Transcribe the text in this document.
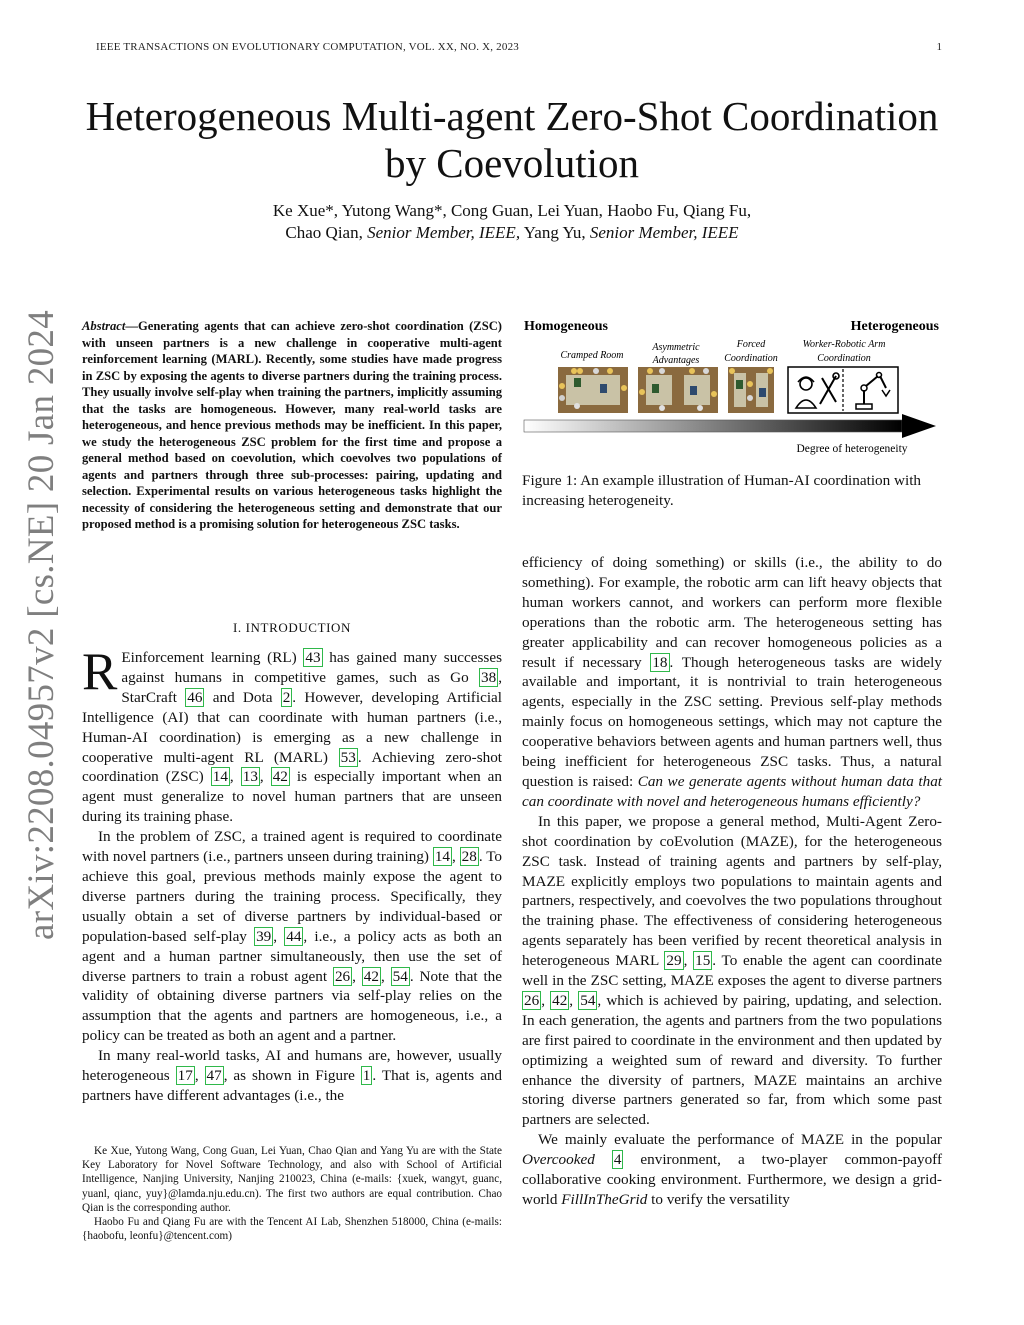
IEEE TRANSACTIONS ON EVOLUTIONARY COMPUTATION, VOL. XX, NO. X, 2023	1
arXiv:2208.04957v2 [cs.NE] 20 Jan 2024
Heterogeneous Multi-agent Zero-Shot Coordination
by Coevolution
Ke Xue*, Yutong Wang*, Cong Guan, Lei Yuan, Haobo Fu, Qiang Fu,
Chao Qian, Senior Member, IEEE, Yang Yu, Senior Member, IEEE
Abstract—Generating agents that can achieve zero-shot coordination (ZSC) with unseen partners is a new challenge in cooperative multi-agent reinforcement learning (MARL). Recently, some studies have made progress in ZSC by exposing the agents to diverse partners during the training process. They usually involve self-play when training the partners, implicitly assuming that the tasks are homogeneous. However, many real-world tasks are heterogeneous, and hence previous methods may be inefficient. In this paper, we study the heterogeneous ZSC problem for the first time and propose a general method based on coevolution, which coevolves two populations of agents and partners through three sub-processes: pairing, updating and selection. Experimental results on various heterogeneous tasks highlight the necessity of considering the heterogeneous setting and demonstrate that our proposed method is a promising solution for heterogeneous ZSC tasks.
I. INTRODUCTION

R Einforcement learning (RL) 43 has gained many successes against humans in competitive games, such as Go 38 , StarCraft 46 and Dota 2 . However, developing Artificial Intelligence (AI) that can coordinate with human partners (i.e., Human-AI coordination) is emerging as a new challenge in cooperative multi-agent RL (MARL) 53 . Achieving zero-shot coordination (ZSC) 14 , 13 , 42 is especially important when an agent must generalize to novel human partners that are unseen during its training phase.

In the problem of ZSC, a trained agent is required to coordinate with novel partners (i.e., partners unseen during training) 14 , 28 . To achieve this goal, previous methods mainly expose the agent to diverse partners during the training process. Specifically, they usually obtain a set of diverse partners by individual-based or population-based self-play 39 , 44 , i.e., a policy acts as both an agent and a human partner simultaneously, then use the set of diverse partners to train a robust agent 26 , 42 , 54 . Note that the validity of obtaining diverse partners via self-play relies on the assumption that the agents and partners are homogeneous, i.e., a policy can be treated as both an agent and a partner.

In many real-world tasks, AI and humans are, however, usually heterogeneous 17 , 47 , as shown in Figure 1 . That is, agents and partners have different advantages (i.e., the

Ke Xue, Yutong Wang, Cong Guan, Lei Yuan, Chao Qian and Yang Yu are with the State Key Laboratory for Novel Software Technology, and also with School of Artificial Intelligence, Nanjing University, Nanjing 210023, China (e-mails: {xuek, wangyt, guanc, yuanl, qianc, yuy}@lamda.nju.edu.cn). The first two authors are equal contribution. Chao Qian is the corresponding author.

Haobo Fu and Qiang Fu are with the Tencent AI Lab, Shenzhen 518000, China (e-mails: {haobofu, leonfu}@tencent.com)

Homogeneous	Heterogeneous
Cramped Room
Asymmetric
Advantages
Forced
Coordination
Worker-Robotic Arm
Coordination
Degree of heterogeneity
Figure 1: An example illustration of Human-AI coordination with increasing heterogeneity.

efficiency of doing something) or skills (i.e., the ability to do something). For example, the robotic arm can lift heavy objects that human workers cannot, and workers can perform more flexible operations than the robotic arm. The heterogeneous setting has greater applicability and can recover homogeneous policies as a result if necessary 18 . Though heterogeneous tasks are widely available and important, it is nontrivial to train heterogeneous agents, especially in the ZSC setting. Previous self-play methods mainly focus on homogeneous settings, which may not capture the cooperative behaviors between agents and human partners well, thus being inefficient for heterogeneous ZSC tasks. Thus, a natural question is raised: Can we generate agents without human data that can coordinate with novel and heterogeneous humans efficiently?

In this paper, we propose a general method, Multi-Agent Zero-shot coordination by coEvolution (MAZE), for the heterogeneous ZSC task. Instead of training agents and partners by self-play, MAZE explicitly employs two populations to maintain agents and partners, respectively, and coevolves the two populations throughout the training phase. The effectiveness of considering heterogeneous agents separately has been verified by recent theoretical analysis in heterogeneous MARL 29 , 15 . To enable the agent can coordinate well in the ZSC setting, MAZE exposes the agent to diverse partners 26 , 42 , 54 , which is achieved by pairing, updating, and selection. In each generation, the agents and partners from the two populations are first paired to coordinate in the environment and then updated by optimizing a weighted sum of reward and diversity. To further enhance the diversity of partners, MAZE maintains an archive storing diverse partners generated so far, from which some past partners are selected.

We mainly evaluate the performance of MAZE in the popular Overcooked 4 environment, a two-player common-payoff collaborative cooking environment. Furthermore, we design a grid-world FillInTheGrid to verify the versatility
